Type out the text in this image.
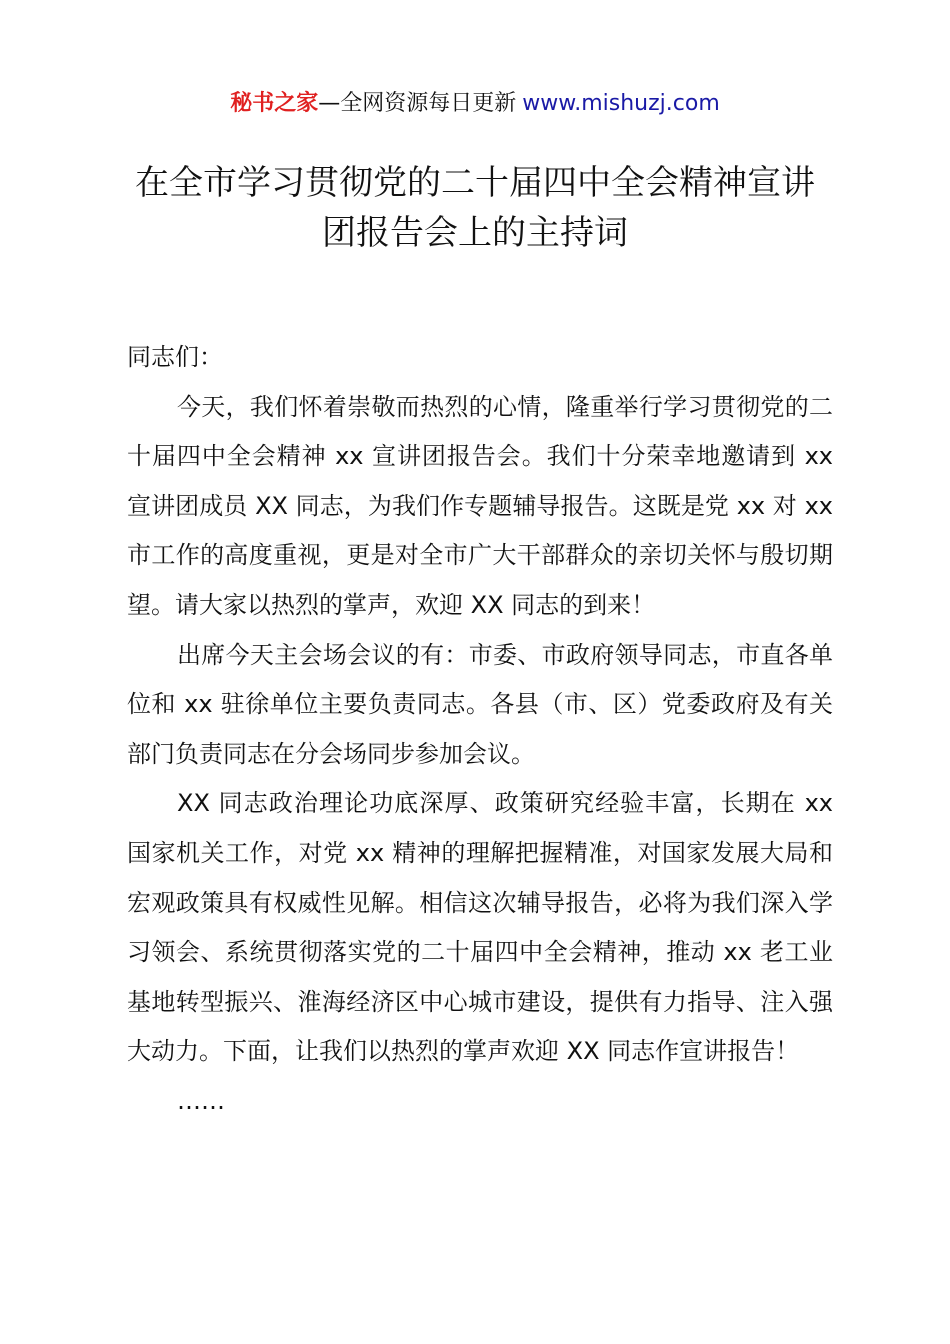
秘书之家—全网资源每日更新 www.mishuzj.com
在全市学习贯彻党的二十届四中全会精神宣讲
团报告会上的主持词

同志们：

今天，我们怀着崇敬而热烈的心情，隆重举行学习贯彻党的二十届四中全会精神 xx 宣讲团报告会。我们十分荣幸地邀请到 xx 宣讲团成员 XX 同志，为我们作专题辅导报告。这既是党 xx 对 xx 市工作的高度重视，更是对全市广大干部群众的亲切关怀与殷切期望。请大家以热烈的掌声，欢迎 XX 同志的到来！

出席今天主会场会议的有：市委、市政府领导同志，市直各单位和 xx 驻徐单位主要负责同志。各县（市、区）党委政府及有关部门负责同志在分会场同步参加会议。

XX 同志政治理论功底深厚、政策研究经验丰富，长期在 xx 国家机关工作，对党 xx 精神的理解把握精准，对国家发展大局和宏观政策具有权威性见解。相信这次辅导报告，必将为我们深入学习领会、系统贯彻落实党的二十届四中全会精神，推动 xx 老工业基地转型振兴、淮海经济区中心城市建设，提供有力指导、注入强大动力。下面，让我们以热烈的掌声欢迎 XX 同志作宣讲报告！

……
